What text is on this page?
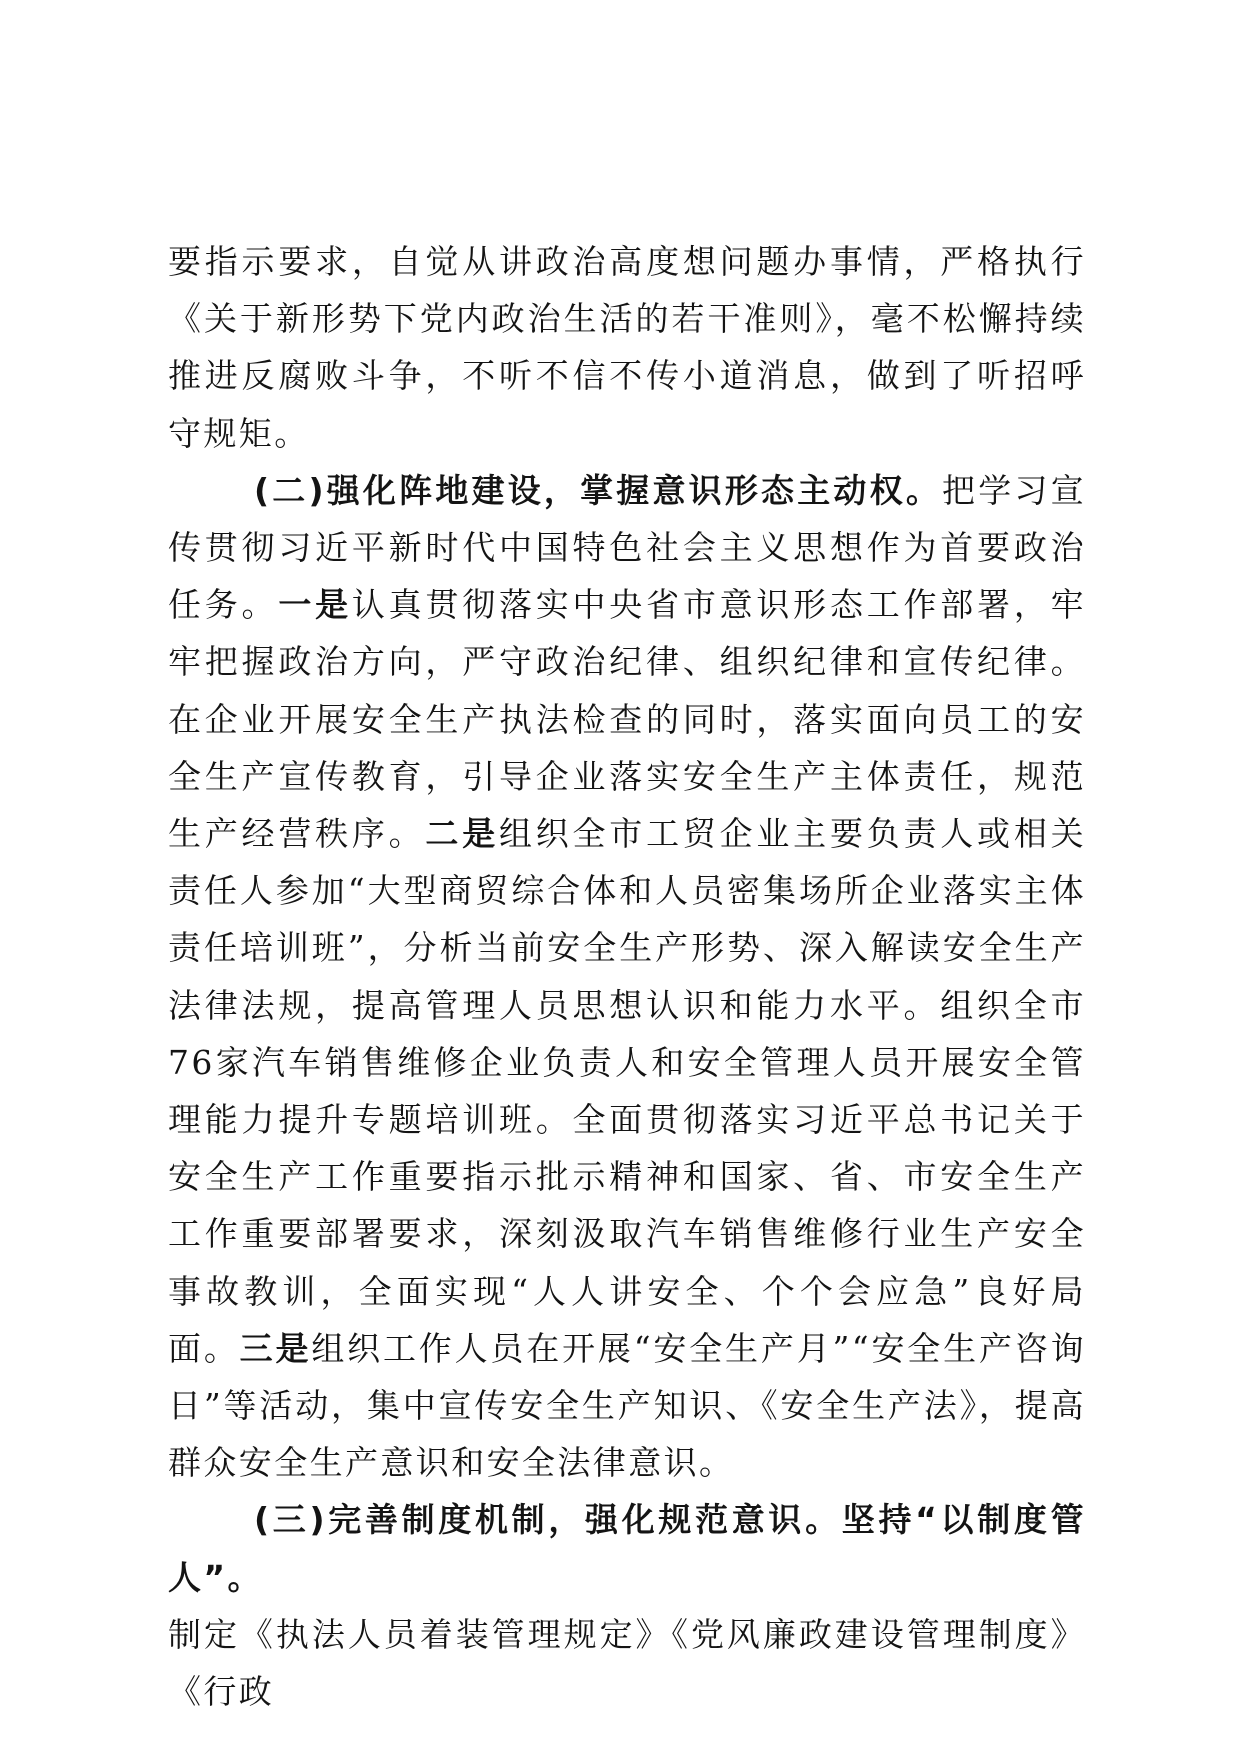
要指示要求，自觉从讲政治高度想问题办事情，严格执行《关于新形势下党内政治生活的若干准则》，毫不松懈持续推进反腐败斗争，不听不信不传小道消息，做到了听招呼守规矩。

(二)强化阵地建设，掌握意识形态主动权。把学习宣传贯彻习近平新时代中国特色社会主义思想作为首要政治任务。一是认真贯彻落实中央省市意识形态工作部署，牢牢把握政治方向，严守政治纪律、组织纪律和宣传纪律。在企业开展安全生产执法检查的同时，落实面向员工的安全生产宣传教育，引导企业落实安全生产主体责任，规范生产经营秩序。二是组织全市工贸企业主要负责人或相关责任人参加“大型商贸综合体和人员密集场所企业落实主体责任培训班”，分析当前安全生产形势、深入解读安全生产法律法规，提高管理人员思想认识和能力水平。组织全市76家汽车销售维修企业负责人和安全管理人员开展安全管理能力提升专题培训班。全面贯彻落实习近平总书记关于安全生产工作重要指示批示精神和国家、省、市安全生产工作重要部署要求，深刻汲取汽车销售维修行业生产安全事故教训，全面实现“人人讲安全、个个会应急”良好局面。三是组织工作人员在开展“安全生产月”“安全生产咨询日”等活动，集中宣传安全生产知识、《安全生产法》，提高群众安全生产意识和安全法律意识。

(三)完善制度机制，强化规范意识。坚持“以制度管人”。

制定《执法人员着装管理规定》《党风廉政建设管理制度》《行政
